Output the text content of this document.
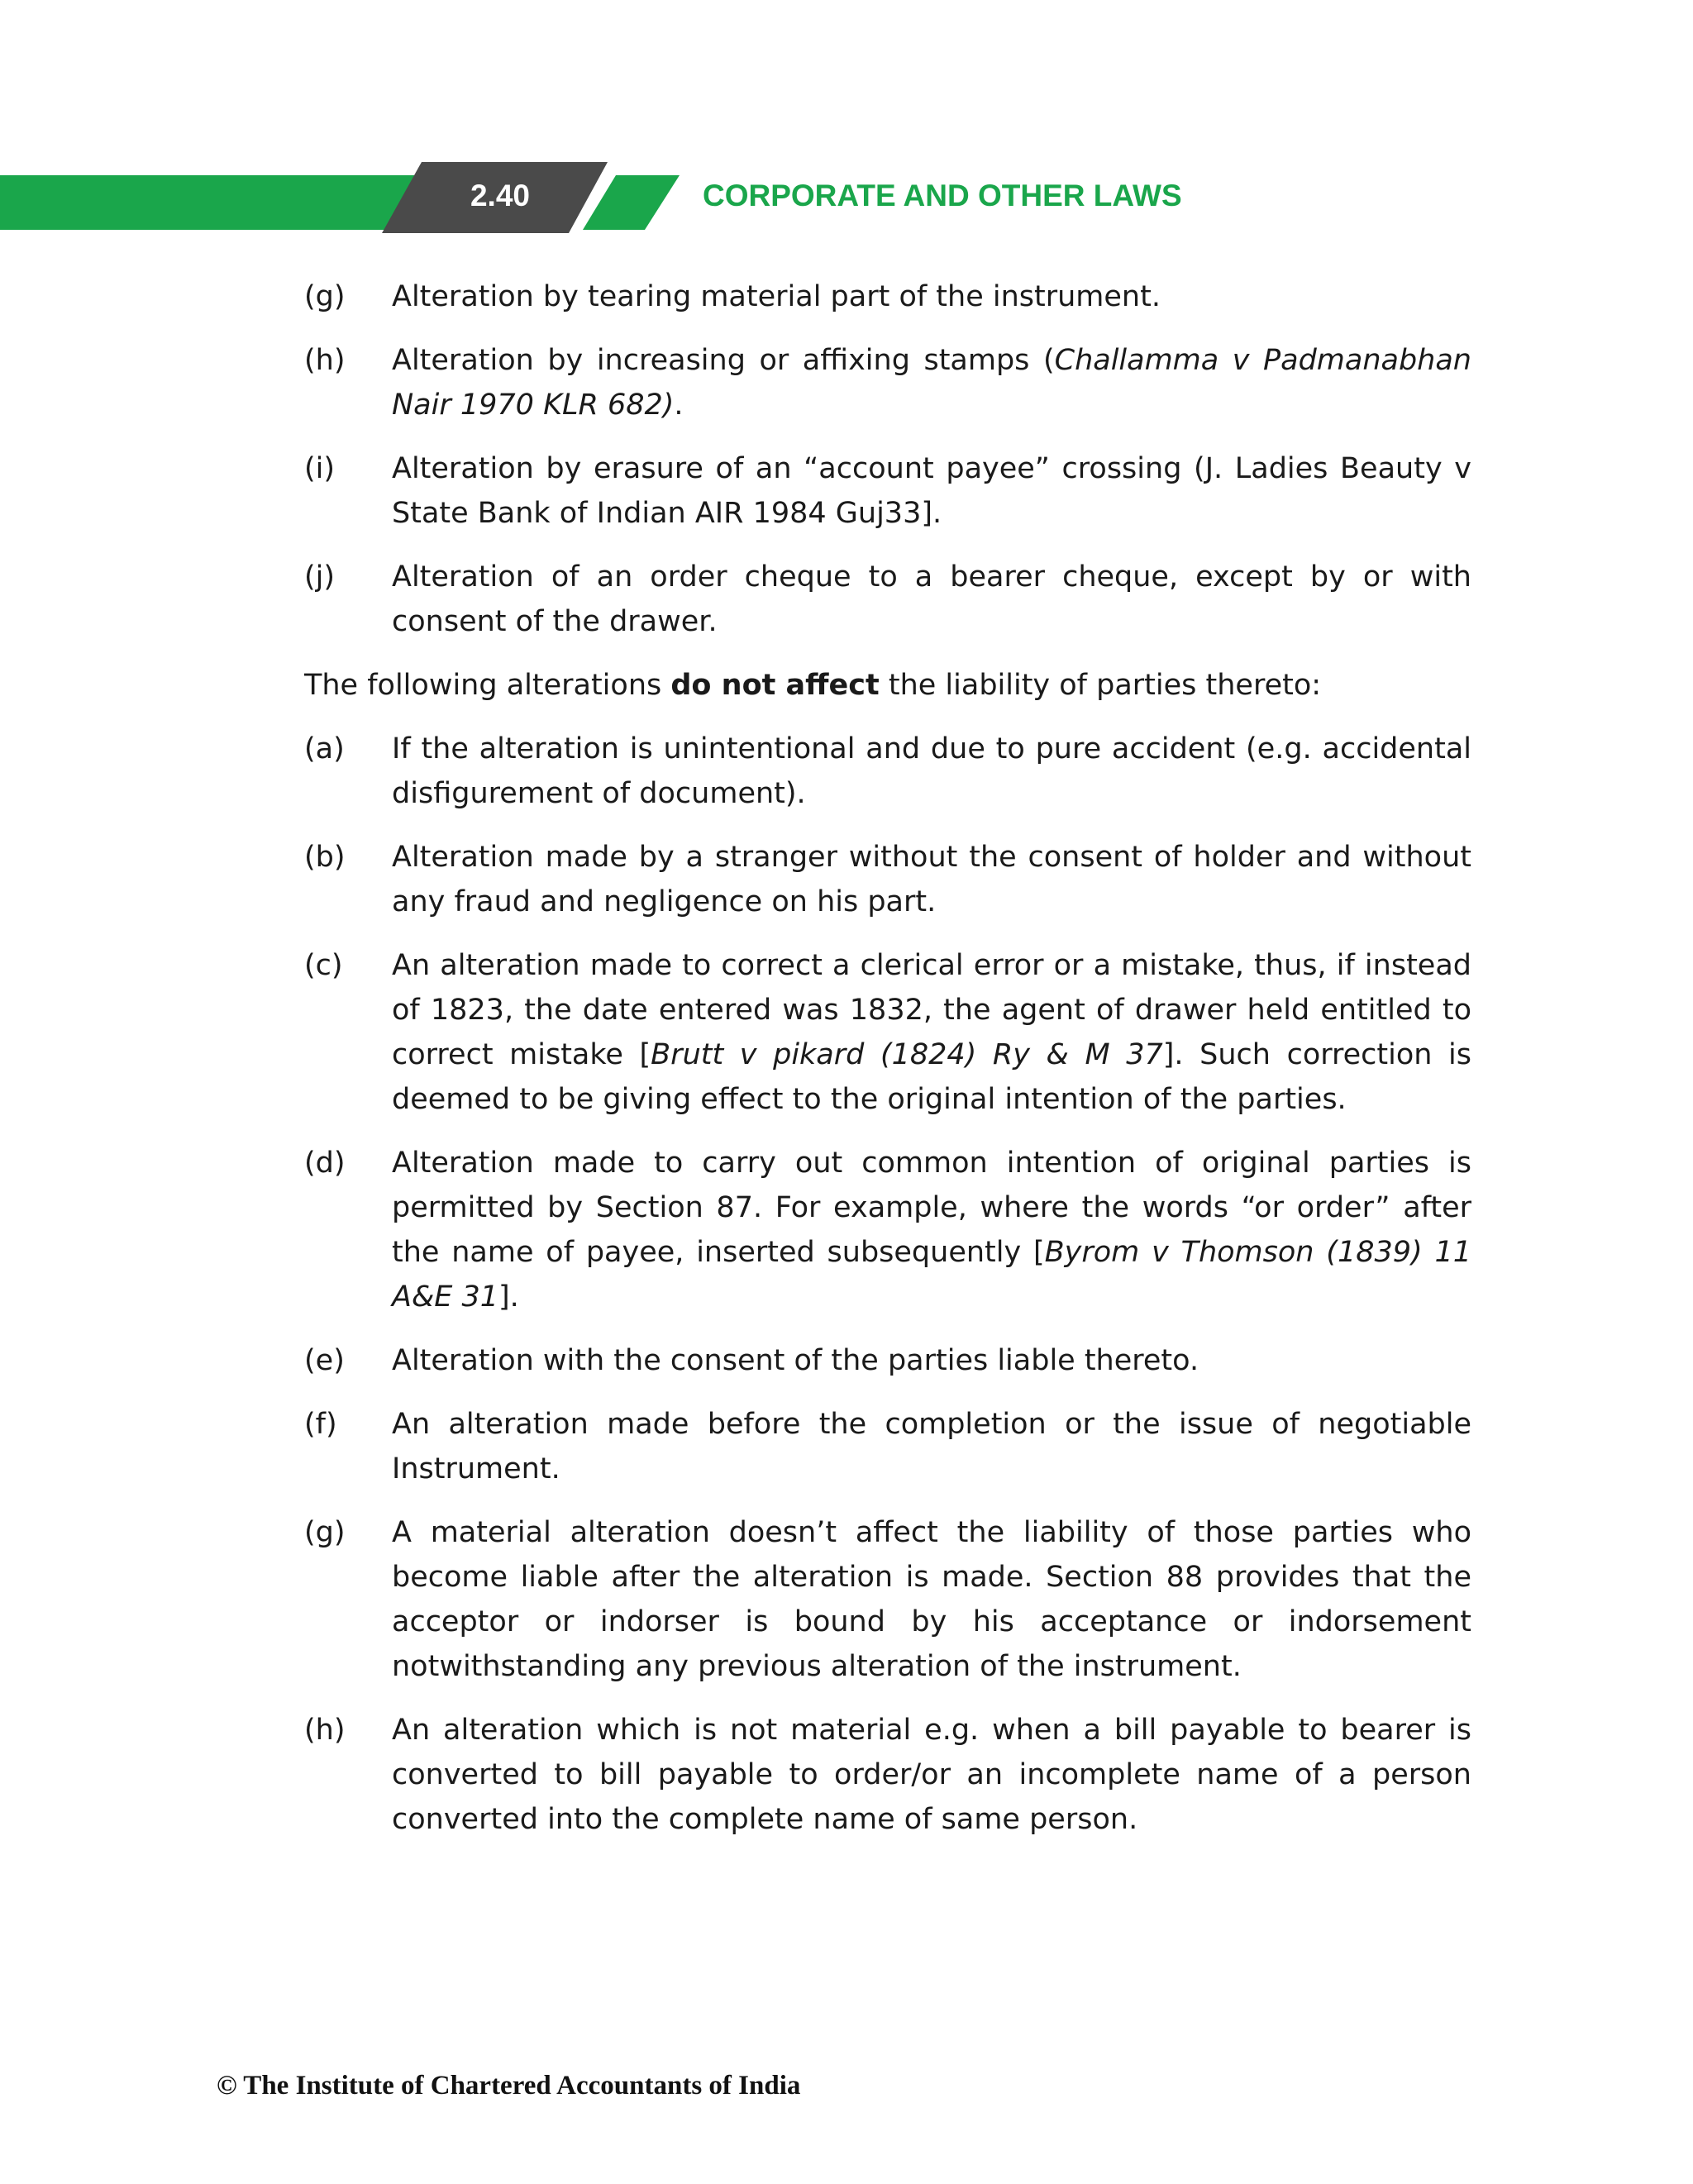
2.40	CORPORATE AND OTHER LAWS
(g)	Alteration by tearing material part of the instrument.
(h)	Alteration by increasing or affixing stamps (Challamma v Padmanabhan Nair 1970 KLR 682).
(i)	Alteration by erasure of an “account payee” crossing (J. Ladies Beauty v State Bank of Indian AIR 1984 Guj33].
(j)	Alteration of an order cheque to a bearer cheque, except by or with consent of the drawer.
The following alterations do not affect the liability of parties thereto:
(a)	If the alteration is unintentional and due to pure accident (e.g. accidental disfigurement of document).
(b)	Alteration made by a stranger without the consent of holder and without any fraud and negligence on his part.
(c)	An alteration made to correct a clerical error or a mistake, thus, if instead of 1823, the date entered was 1832, the agent of drawer held entitled to correct mistake [Brutt v pikard (1824) Ry & M 37]. Such correction is deemed to be giving effect to the original intention of the parties.
(d)	Alteration made to carry out common intention of original parties is permitted by Section 87. For example, where the words “or order” after the name of payee, inserted subsequently [Byrom v Thomson (1839) 11 A&E 31].
(e)	Alteration with the consent of the parties liable thereto.
(f)	An alteration made before the completion or the issue of negotiable Instrument.
(g)	A material alteration doesn’t affect the liability of those parties who become liable after the alteration is made. Section 88 provides that the acceptor or indorser is bound by his acceptance or indorsement notwithstanding any previous alteration of the instrument.
(h)	An alteration which is not material e.g. when a bill payable to bearer is converted to bill payable to order/or an incomplete name of a person converted into the complete name of same person.
© The Institute of Chartered Accountants of India
